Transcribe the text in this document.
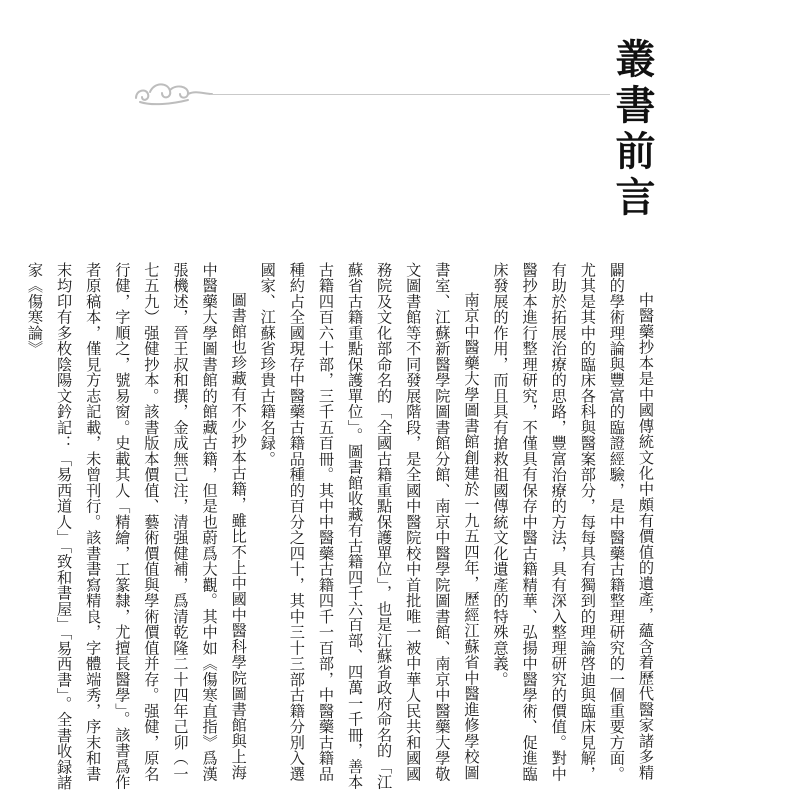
叢書前言

中醫藥抄本是中國傳統文化中頗有價值的遺產，蘊含着歷代醫家諸多精闢的學術理論與豐富的臨證經驗，是中醫藥古籍整理研究的一個重要方面。尤其是其中的臨床各科與醫案部分，每每具有獨到的理論啓迪與臨床見解，有助於拓展治療的思路，豐富治療的方法，具有深入整理研究的價值。對中醫抄本進行整理研究，不僅具有保存中醫古籍精華、弘揚中醫學術、促進臨床發展的作用，而且具有搶救祖國傳統文化遺產的特殊意義。

南京中醫藥大學圖書館創建於一九五四年，歷經江蘇省中醫進修學校圖書室、江蘇新醫學院圖書館分館、南京中醫學院圖書館、南京中醫藥大學敬文圖書館等不同發展階段，是全國中醫院校中首批唯一被中華人民共和國國務院及文化部命名的「全國古籍重點保護單位」，也是江蘇省政府命名的「江蘇省古籍重點保護單位」。圖書館收藏有古籍四千六百部、四萬一千冊，善本古籍四百六十部，三千五百冊。其中中醫藥古籍四千一百部，中醫藥古籍品種約占全國現存中醫藥古籍品種的百分之四十，其中三十三部古籍分別入選國家、江蘇省珍貴古籍名録。

圖書館也珍藏有不少抄本古籍，雖比不上中國中醫科學院圖書館與上海中醫藥大學圖書館的館藏古籍，但是也蔚爲大觀。其中如《傷寒直指》爲漢張機述，晉王叔和撰，金成無己注，清强健補，爲清乾隆二十四年己卯（一七五九）强健抄本。該書版本價值、藝術價值與學術價值并存。强健，原名行健，字順之，號易窗。史載其人「精繪，工篆隸，尤擅長醫學」。該書爲作者原稿本，僅見方志記載，未曾刊行。該書書寫精良，字體端秀，序末和書末均印有多枚陰陽文鈐記：「易西道人」「致和書屋」「易西書」。全書收録諸家《傷寒論》
